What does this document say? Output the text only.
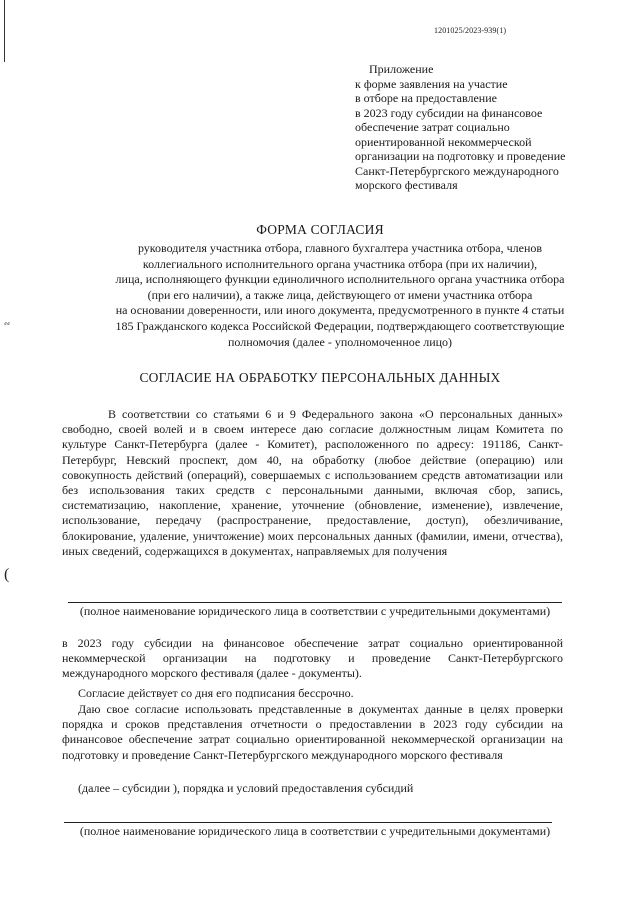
⸗⸗
(
1201025/2023-939(1)
Приложение
к форме заявления на участие
в отборе на предоставление
в 2023 году субсидии на финансовое
обеспечение затрат социально
ориентированной некоммерческой
организации на подготовку и проведение
Санкт-Петербургского международного
морского фестиваля
ФОРМА СОГЛАСИЯ
руководителя участника отбора, главного бухгалтера участника отбора, членов
коллегиального исполнительного органа участника отбора (при их наличии),
лица, исполняющего функции единоличного исполнительного органа участника отбора
(при его наличии), а также лица, действующего от имени участника отбора
на основании доверенности, или иного документа, предусмотренного в пункте 4 статьи
185 Гражданского кодекса Российской Федерации, подтверждающего соответствующие
полномочия (далее - уполномоченное лицо)
СОГЛАСИЕ НА ОБРАБОТКУ ПЕРСОНАЛЬНЫХ ДАННЫХ
В соответствии со статьями 6 и 9 Федерального закона «О персональных данных» свободно, своей волей и в своем интересе даю согласие должностным лицам Комитета по культуре Санкт-Петербурга (далее - Комитет), расположенного по адресу: 191186, Санкт-Петербург, Невский проспект, дом 40, на обработку (любое действие (операцию) или совокупность действий (операций), совершаемых с использованием средств автоматизации или без использования таких средств с персональными данными, включая сбор, запись, систематизацию, накопление, хранение, уточнение (обновление, изменение), извлечение, использование, передачу (распространение, предоставление, доступ), обезличивание, блокирование, удаление, уничтожение) моих персональных данных (фамилии, имени, отчества), иных сведений, содержащихся в документах, направляемых для получения
(полное наименование юридического лица в соответствии с учредительными документами)
в 2023 году субсидии на финансовое обеспечение затрат социально ориентированной некоммерческой организации на подготовку и проведение Санкт-Петербургского международного морского фестиваля (далее - документы).
Согласие действует со дня его подписания бессрочно.
Даю свое согласие использовать представленные в документах данные в целях проверки порядка и сроков представления отчетности о предоставлении в 2023 году субсидии на финансовое обеспечение затрат социально ориентированной некоммерческой организации на подготовку и проведение Санкт-Петербургского международного морского фестиваля
(далее – субсидии ), порядка и условий предоставления субсидий
(полное наименование юридического лица в соответствии с учредительными документами)
